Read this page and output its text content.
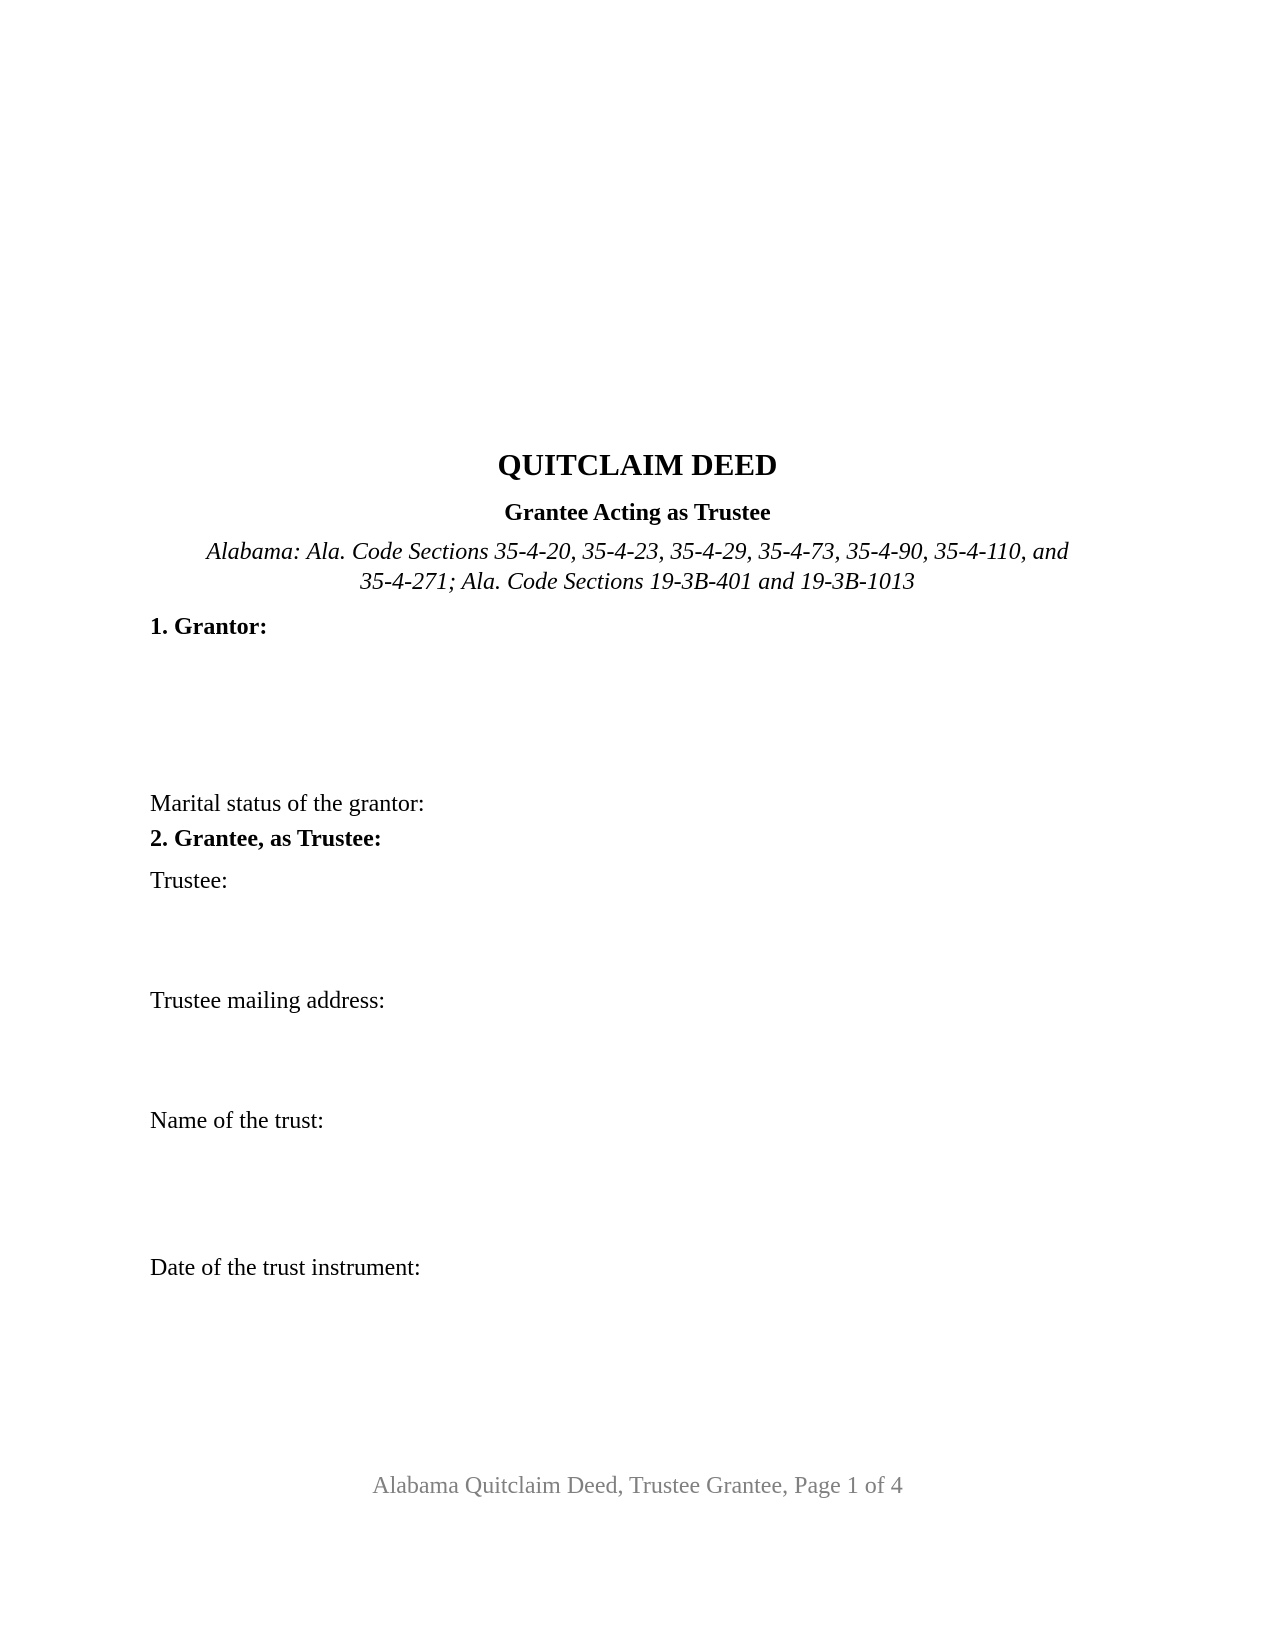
QUITCLAIM DEED
Grantee Acting as Trustee
Alabama: Ala. Code Sections 35-4-20, 35-4-23, 35-4-29, 35-4-73, 35-4-90, 35-4-110, and
35-4-271; Ala. Code Sections 19-3B-401 and 19-3B-1013
1. Grantor:
Marital status of the grantor:
2. Grantee, as Trustee:
Trustee:
Trustee mailing address:
Name of the trust:
Date of the trust instrument:
Alabama Quitclaim Deed, Trustee Grantee, Page 1 of 4
